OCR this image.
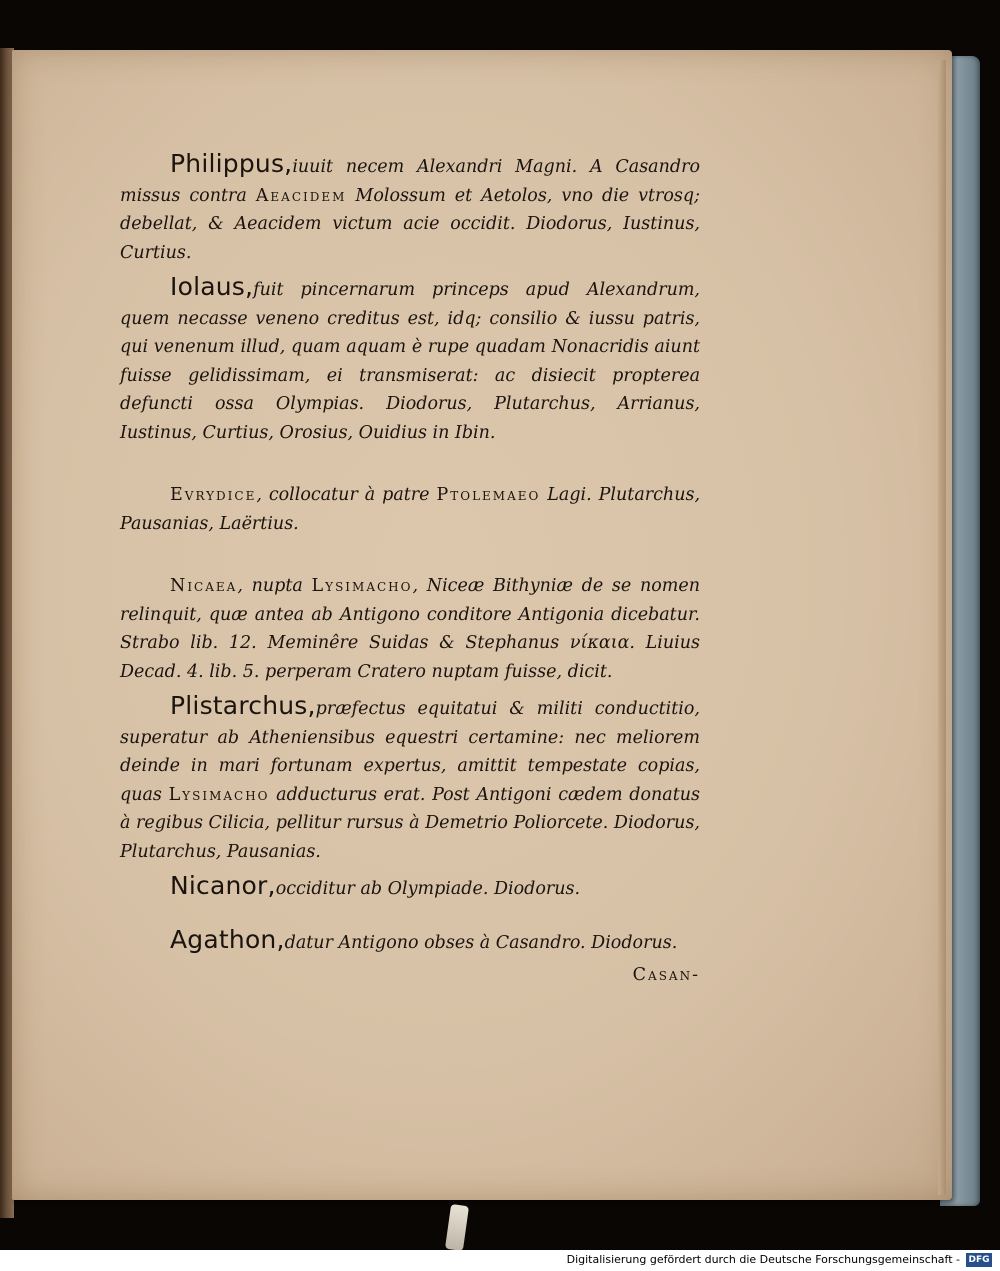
Philippus,iuuit necem Alexandri Magni. A Casandro missus contra Aeacidem Molossum et Aetolos, vno die vtrosq; debellat, & Aeacidem victum acie occidit. Diodorus, Iustinus, Curtius.

Iolaus,fuit pincernarum princeps apud Alexandrum, quem necasse veneno creditus est, idq; consilio & iussu patris, qui venenum illud, quam aquam è rupe quadam Nonacridis aiunt fuisse gelidissimam, ei transmiserat: ac disiecit propterea defuncti ossa Olympias. Diodorus, Plutarchus, Arrianus, Iustinus, Curtius, Orosius, Ouidius in Ibin.

Evrydice, collocatur à patre Ptolemaeo Lagi. Plutarchus, Pausanias, Laërtius.

Nicaea, nupta Lysimacho, Niceæ Bithyniæ de se nomen relinquit, quæ antea ab Antigono conditore Antigonia dicebatur. Strabo lib. 12. Meminêre Suidas & Stephanus νίκαια. Liuius Decad. 4. lib. 5. perperam Cratero nuptam fuisse, dicit.

Plistarchus,præfectus equitatui & militi conductitio, superatur ab Atheniensibus equestri certamine: nec meliorem deinde in mari fortunam expertus, amittit tempestate copias, quas Lysimacho adducturus erat. Post Antigoni cædem donatus à regibus Cilicia, pellitur rursus à Demetrio Poliorcete. Diodorus, Plutarchus, Pausanias.

Nicanor,occiditur ab Olympiade. Diodorus.

Agathon,datur Antigono obses à Casandro. Diodorus.

Casan-

Digitalisierung gefördert durch die Deutsche Forschungsgemeinschaft - DFG
